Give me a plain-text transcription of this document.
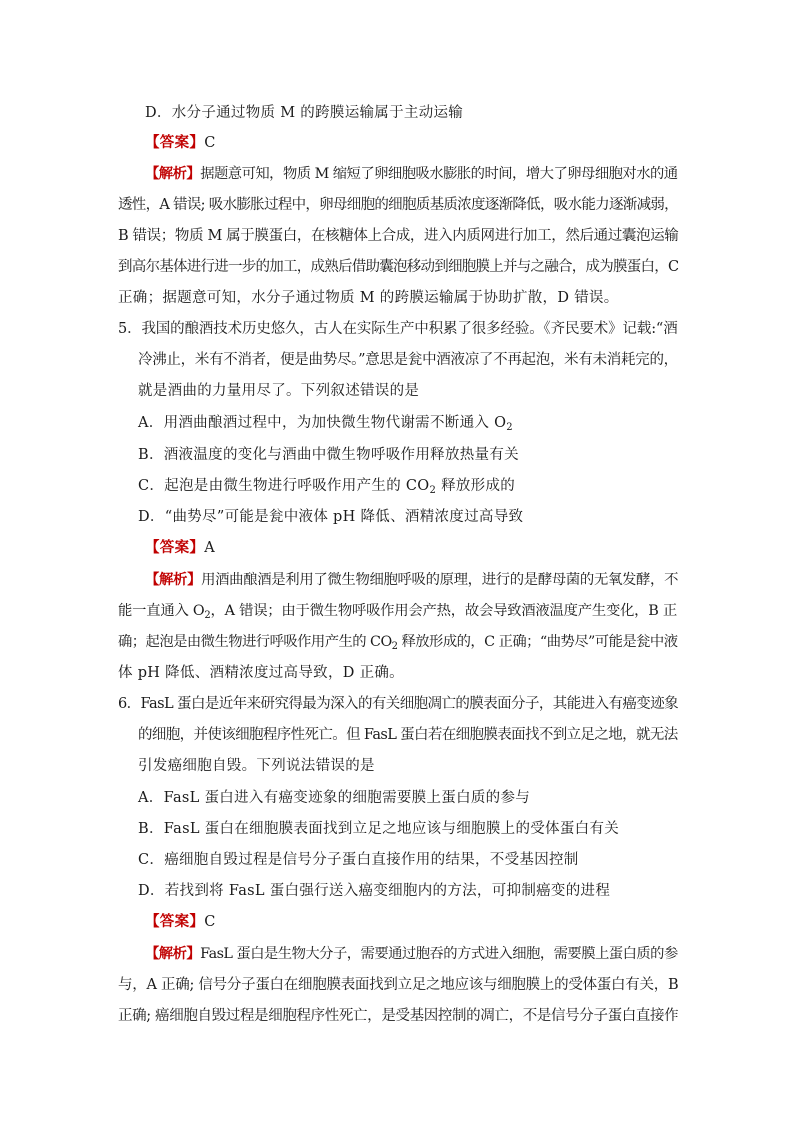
D．水分子通过物质 M 的跨膜运输属于主动运输
【答案】C
【解析】据题意可知，物质 M 缩短了卵细胞吸水膨胀的时间，增大了卵母细胞对水的通
透性，A 错误; 吸水膨胀过程中，卵母细胞的细胞质基质浓度逐渐降低，吸水能力逐渐减弱，
B 错误；物质 M 属于膜蛋白，在核糖体上合成，进入内质网进行加工，然后通过囊泡运输
到高尔基体进行进一步的加工，成熟后借助囊泡移动到细胞膜上并与之融合，成为膜蛋白，C
正确；据题意可知，水分子通过物质 M 的跨膜运输属于协助扩散，D 错误。
5．我国的酿酒技术历史悠久，古人在实际生产中积累了很多经验。《齐民要术》记载:“酒
冷沸止，米有不消者，便是曲势尽。”意思是瓮中酒液凉了不再起泡，米有未消耗完的，
就是酒曲的力量用尽了。下列叙述错误的是
A．用酒曲酿酒过程中，为加快微生物代谢需不断通入 $O_2$
B．酒液温度的变化与酒曲中微生物呼吸作用释放热量有关
C．起泡是由微生物进行呼吸作用产生的 $CO_2$ 释放形成的
D．“曲势尽”可能是瓮中液体 pH 降低、酒精浓度过高导致
【答案】A
【解析】用酒曲酿酒是利用了微生物细胞呼吸的原理，进行的是酵母菌的无氧发酵，不
能一直通入 $O_2$，A 错误；由于微生物呼吸作用会产热，故会导致酒液温度产生变化，B 正
确；起泡是由微生物进行呼吸作用产生的 $CO_2$ 释放形成的，C 正确；“曲势尽”可能是瓮中液
体 pH 降低、酒精浓度过高导致，D 正确。
6．FasL 蛋白是近年来研究得最为深入的有关细胞凋亡的膜表面分子，其能进入有癌变迹象
的细胞，并使该细胞程序性死亡。但 FasL 蛋白若在细胞膜表面找不到立足之地，就无法
引发癌细胞自毁。下列说法错误的是
A．FasL 蛋白进入有癌变迹象的细胞需要膜上蛋白质的参与
B．FasL 蛋白在细胞膜表面找到立足之地应该与细胞膜上的受体蛋白有关
C．癌细胞自毁过程是信号分子蛋白直接作用的结果，不受基因控制
D．若找到将 FasL 蛋白强行送入癌变细胞内的方法，可抑制癌变的进程
【答案】C
【解析】FasL 蛋白是生物大分子，需要通过胞吞的方式进入细胞，需要膜上蛋白质的参
与，A 正确; 信号分子蛋白在细胞膜表面找到立足之地应该与细胞膜上的受体蛋白有关，B
正确; 癌细胞自毁过程是细胞程序性死亡，是受基因控制的凋亡，不是信号分子蛋白直接作
